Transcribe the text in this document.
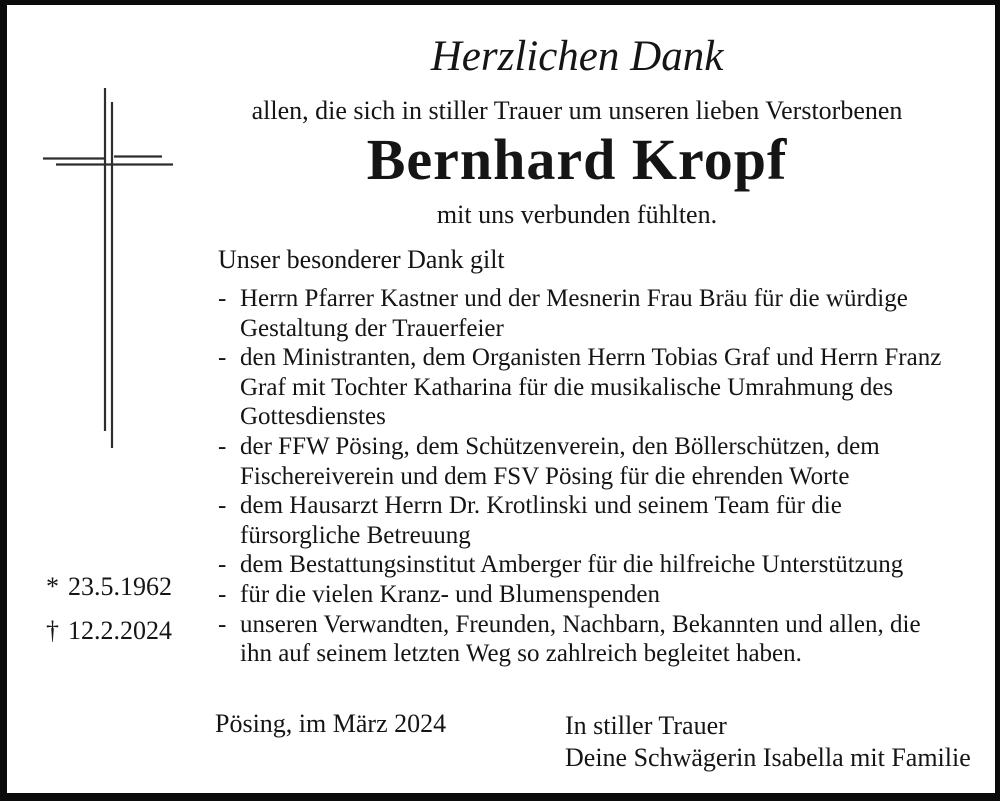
Herzlichen Dank
allen, die sich in stiller Trauer um unseren lieben Verstorbenen
Bernhard Kropf
mit uns verbunden fühlten.
Unser besonderer Dank gilt
- Herrn Pfarrer Kastner und der Mesnerin Frau Bräu für die würdige Gestaltung der Trauerfeier
- den Ministranten, dem Organisten Herrn Tobias Graf und Herrn Franz Graf mit Tochter Katharina für die musikalische Umrahmung des Gottesdienstes
- der FFW Pösing, dem Schützenverein, den Böllerschützen, dem Fischereiverein und dem FSV Pösing für die ehrenden Worte
- dem Hausarzt Herrn Dr. Krotlinski und seinem Team für die fürsorgliche Betreuung
- dem Bestattungsinstitut Amberger für die hilfreiche Unterstützung
- für die vielen Kranz- und Blumenspenden
- unseren Verwandten, Freunden, Nachbarn, Bekannten und allen, die ihn auf seinem letzten Weg so zahlreich begleitet haben.
* 23.5.1962
† 12.2.2024
Pösing, im März 2024	In stiller Trauer
Deine Schwägerin Isabella mit Familie
